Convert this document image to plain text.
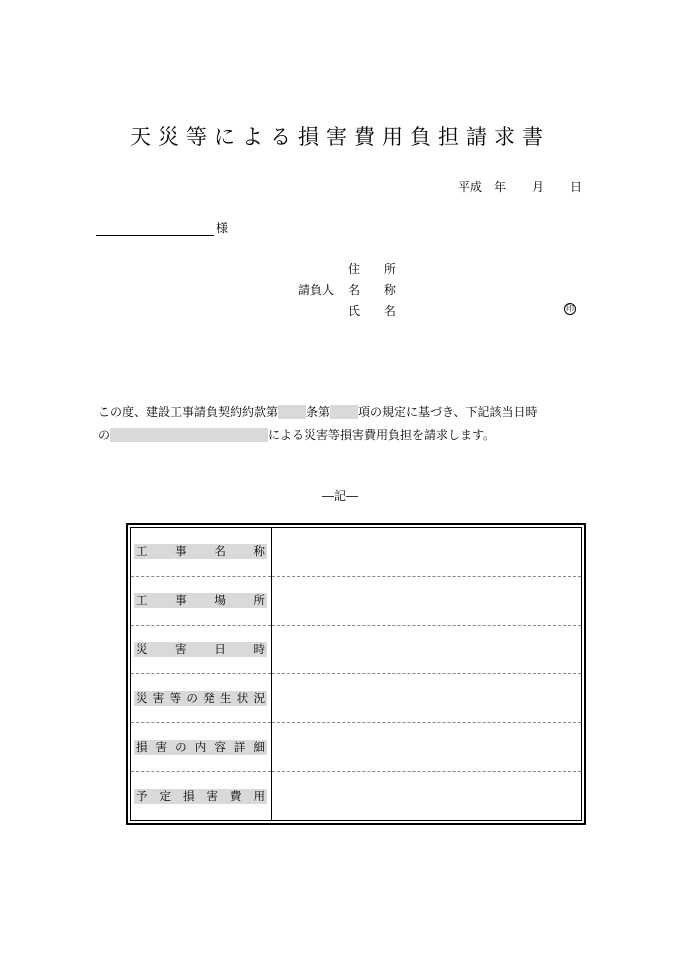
天災等による損害費用負担請求書
平成 年	月	日
様
住 所
請負人	名 称
氏 名	印
この度、建設工事請負契約約款第 条第 項の規定に基づき、下記該当日時
の	による災害等損害費用負担を請求します。
―記―
工事名称	

工事場所	

災害日時	

災害等の発生状況	

損害の内容詳細	

予定損害費用	
